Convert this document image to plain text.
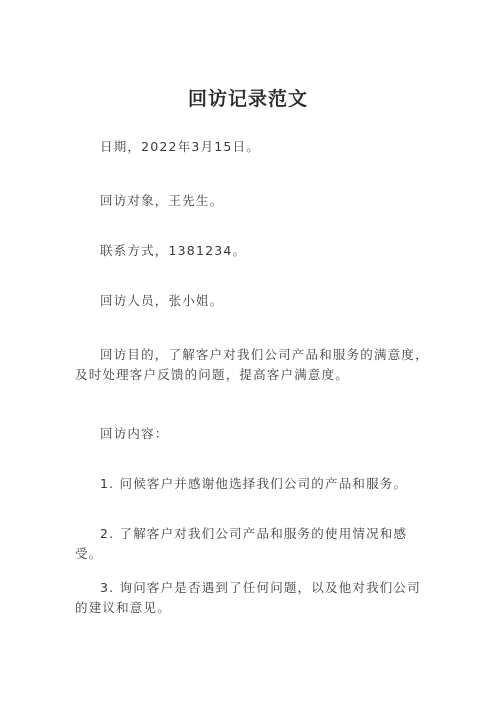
回访记录范文
日期，2022年3月15日。
回访对象，王先生。
联系方式，1381234。
回访人员，张小姐。
回访目的，了解客户对我们公司产品和服务的满意度，及时处理客户反馈的问题，提高客户满意度。
回访内容：
1. 问候客户并感谢他选择我们公司的产品和服务。
2. 了解客户对我们公司产品和服务的使用情况和感受。
3. 询问客户是否遇到了任何问题，以及他对我们公司的建议和意见。
